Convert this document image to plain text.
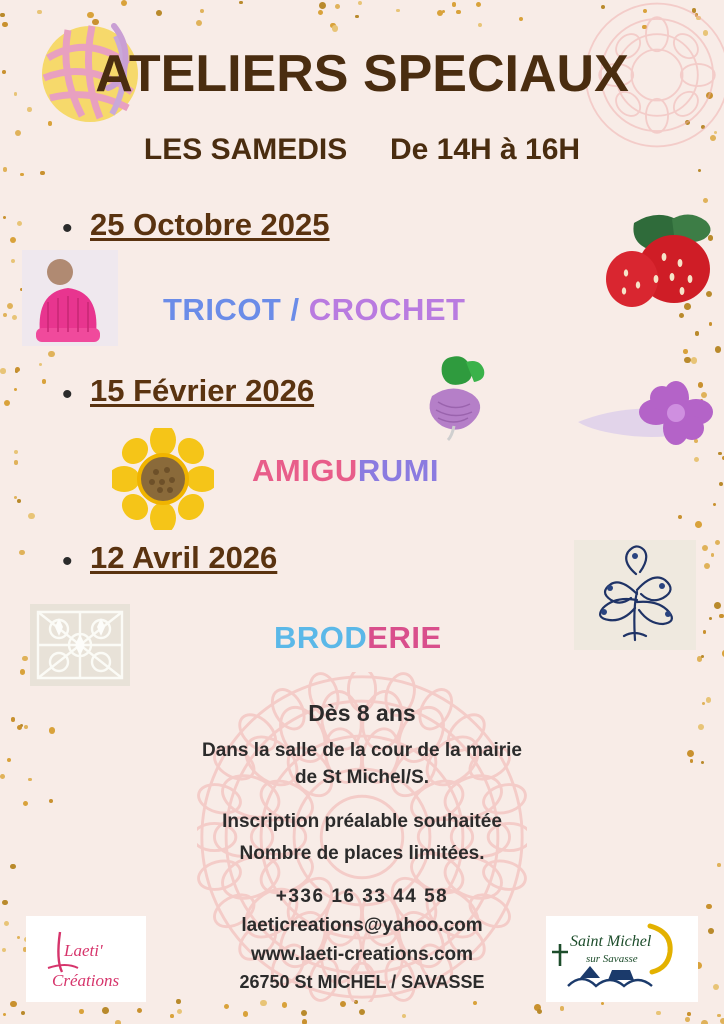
ATELIERS SPECIAUX
LES SAMEDIS De 14H à 16H
• 25 Octobre 2025
TRICOT / CROCHET
• 15 Février 2026
AMIGURUMI
• 12 Avril 2026
BRODERIE
Dès 8 ans
Dans la salle de la cour de la mairie
de St Michel/S.
Inscription préalable souhaitée
Nombre de places limitées.
+336 16 33 44 58
laeticreations@yahoo.com
www.laeti-creations.com
26750 St MICHEL / SAVASSE
Laeti'
Créations
Saint Michel
sur Savasse
